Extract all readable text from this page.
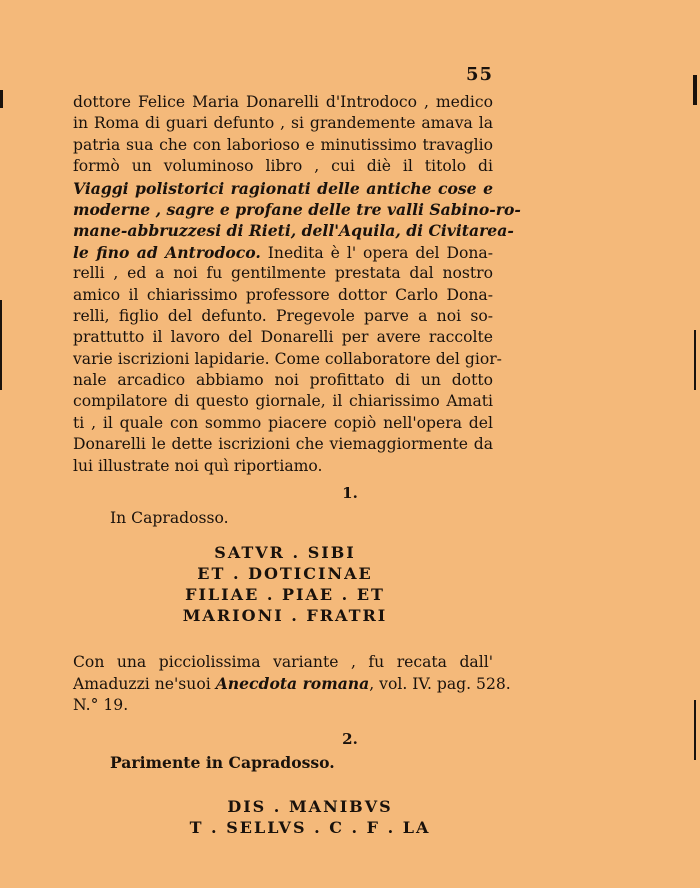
55
dottore Felice Maria Donarelli d'Introdoco , medico
in Roma di guari defunto , si grandemente amava la
patria sua che con laborioso e minutissimo travaglio
formò un voluminoso libro , cui diè il titolo di
Viaggi polistorici ragionati delle antiche cose e
moderne , sagre e profane delle tre valli Sabino-ro-
mane-abbruzzesi di Rieti, dell'Aquila, di Civitarea-
le fino ad Antrodoco. Inedita è l' opera del Dona-
relli , ed a noi fu gentilmente prestata dal nostro
amico il chiarissimo professore dottor Carlo Dona-
relli, figlio del defunto. Pregevole parve a noi so-
prattutto il lavoro del Donarelli per avere raccolte
varie iscrizioni lapidarie. Come collaboratore del gior-
nale arcadico abbiamo noi profittato di un dotto
compilatore di questo giornale, il chiarissimo Amati
ti , il quale con sommo piacere copiò nell'opera del
Donarelli le dette iscrizioni che viemaggiormente da
lui illustrate noi quì riportiamo.
1.
In Capradosso.
SATVR . SIBI
ET . DOTICINAE
FILIAE . PIAE . ET
MARIONI . FRATRI
Con una picciolissima variante , fu recata dall'
Amaduzzi ne'suoi Anecdota romana, vol. IV. pag. 528.
N.° 19.
2.
Parimente in Capradosso.
DIS . MANIBVS
T . SELLVS . C . F . LA
